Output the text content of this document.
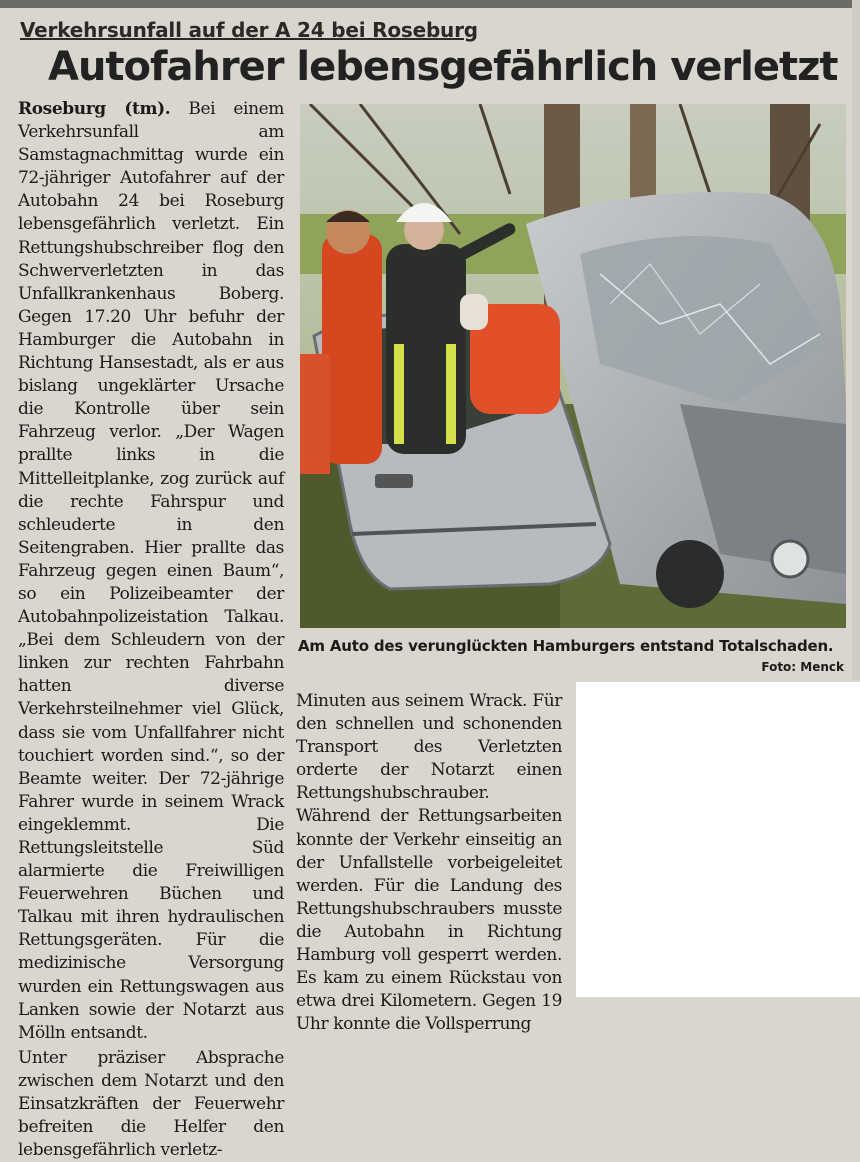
Verkehrsunfall auf der A 24 bei Roseburg
Autofahrer lebensgefährlich verletzt

Roseburg (tm). Bei einem Verkehrsunfall am Samstagnachmittag wurde ein 72-jähriger Autofahrer auf der Autobahn 24 bei Roseburg lebensgefährlich verletzt. Ein Rettungshubschreiber flog den Schwerverletzten in das Unfallkrankenhaus Boberg. Gegen 17.20 Uhr befuhr der Hamburger die Autobahn in Richtung Hansestadt, als er aus bislang ungeklärter Ursache die Kontrolle über sein Fahrzeug verlor. „Der Wagen prallte links in die Mittelleitplanke, zog zurück auf die rechte Fahrspur und schleuderte in den Seitengraben. Hier prallte das Fahrzeug gegen einen Baum“, so ein Polizeibeamter der Autobahnpolizeistation Talkau. „Bei dem Schleudern von der linken zur rechten Fahrbahn hatten diverse Verkehrsteilnehmer viel Glück, dass sie vom Unfallfahrer nicht touchiert worden sind.“, so der Beamte weiter. Der 72-jährige Fahrer wurde in seinem Wrack eingeklemmt. Die Rettungsleitstelle Süd alarmierte die Freiwilligen Feuerwehren Büchen und Talkau mit ihren hydraulischen Rettungsgeräten. Für die medizinische Versorgung wurden ein Rettungswagen aus Lanken sowie der Notarzt aus Mölln entsandt.

Unter präziser Absprache zwischen dem Notarzt und den Einsatzkräften der Feuerwehr befreiten die Helfer den lebensgefährlich verletz-

Am Auto des verunglückten Hamburgers entstand Totalschaden.
Foto: Menck

Minuten aus seinem Wrack. Für den schnellen und schonenden Transport des Verletzten orderte der Notarzt einen Rettungshubschrauber. Während der Rettungsarbeiten konnte der Verkehr einseitig an der Unfallstelle vorbeigeleitet werden. Für die Landung des Rettungshubschraubers musste die Autobahn in Richtung Hamburg voll gesperrt werden. Es kam zu einem Rückstau von etwa drei Kilometern. Gegen 19 Uhr konnte die Vollsperrung
